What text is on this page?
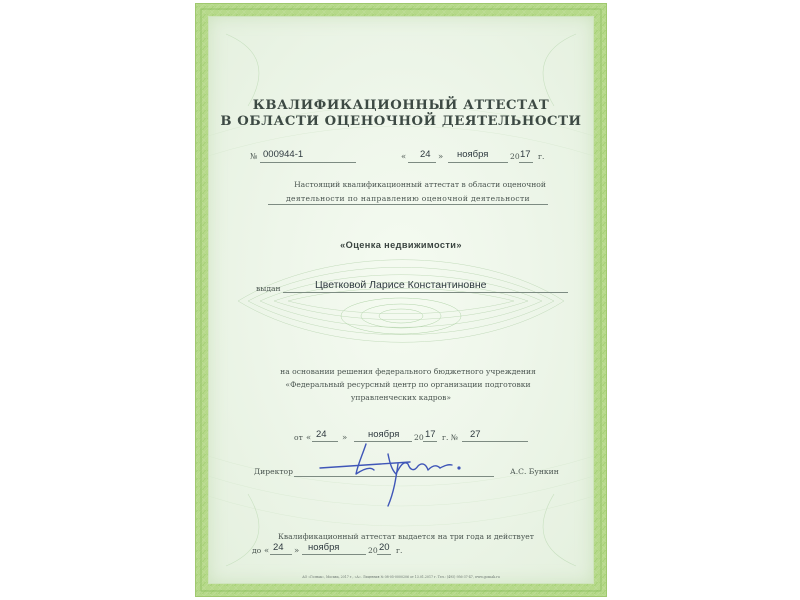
КВАЛИФИКАЦИОННЫЙ АТТЕСТАТ
В ОБЛАСТИ ОЦЕНОЧНОЙ ДЕЯТЕЛЬНОСТИ
№ 000944-1	« 24 » ноября	20 17 г.
Настоящий квалификационный аттестат в области оценочной
деятельности по направлению оценочной деятельности
«Оценка недвижимости»
выдан	Цветковой Ларисе Константиновне
на основании решения федерального бюджетного учреждения
«Федеральный ресурсный центр по организации подготовки
управленческих кадров»
от « 24 » ноября 20 17 г. № 27
Директор	А.С. Бункин
Квалификационный аттестат выдается на три года и действует
до « 24 » ноября	20 20 г.
АО «Гознак», Москва, 2017 г., «А». Лицензия № 08-05-0000206 от 13.01.2017 г. Тел.: (495) 956-37-47, www.goznak.ru
